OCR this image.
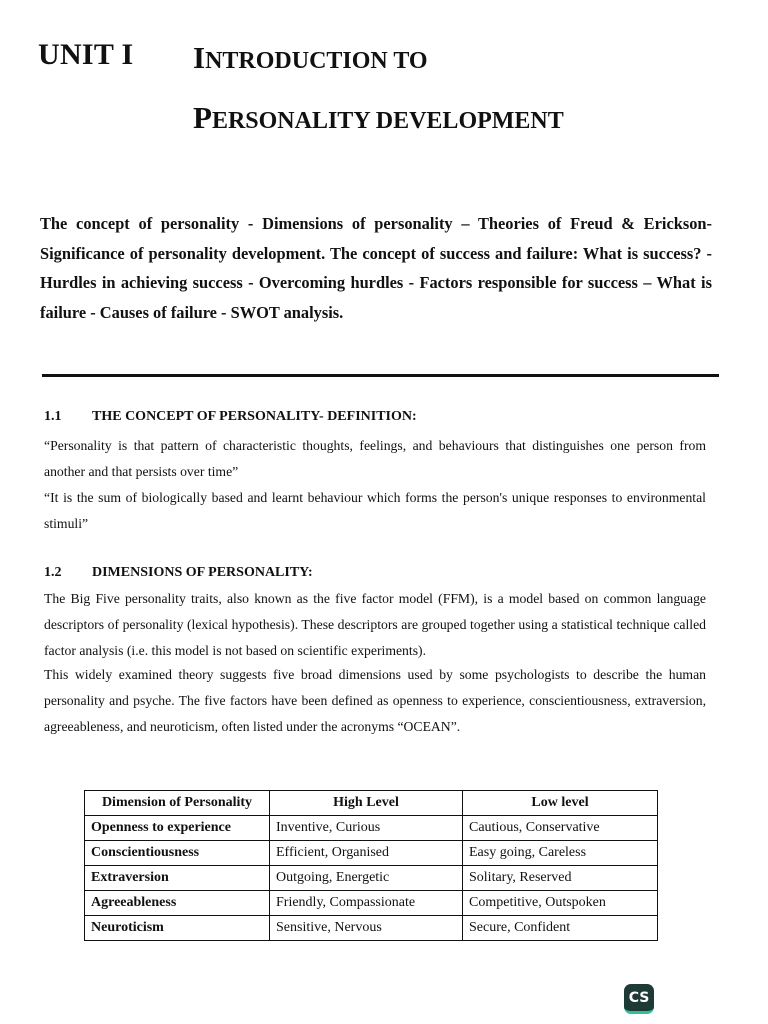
UNIT I INTRODUCTION TO
PERSONALITY DEVELOPMENT
The concept of personality - Dimensions of personality – Theories of Freud & Erickson- Significance of personality development. The concept of success and failure: What is success? - Hurdles in achieving success - Overcoming hurdles - Factors responsible for success – What is failure - Causes of failure - SWOT analysis.
1.1 THE CONCEPT OF PERSONALITY- DEFINITION:
“Personality is that pattern of characteristic thoughts, feelings, and behaviours that distinguishes one person from another and that persists over time”
“It is the sum of biologically based and learnt behaviour which forms the person's unique responses to environmental stimuli”
1.2 DIMENSIONS OF PERSONALITY:
The Big Five personality traits, also known as the five factor model (FFM), is a model based on common language descriptors of personality (lexical hypothesis). These descriptors are grouped together using a statistical technique called factor analysis (i.e. this model is not based on scientific experiments).
This widely examined theory suggests five broad dimensions used by some psychologists to describe the human personality and psyche. The five factors have been defined as openness to experience, conscientiousness, extraversion, agreeableness, and neuroticism, often listed under the acronyms “OCEAN”.
Dimension of Personality	High Level	Low level
Openness to experience	Inventive, Curious	Cautious, Conservative
Conscientiousness	Efficient, Organised	Easy going, Careless
Extraversion	Outgoing, Energetic	Solitary, Reserved
Agreeableness	Friendly, Compassionate	Competitive, Outspoken
Neuroticism	Sensitive, Nervous	Secure, Confident
CS
